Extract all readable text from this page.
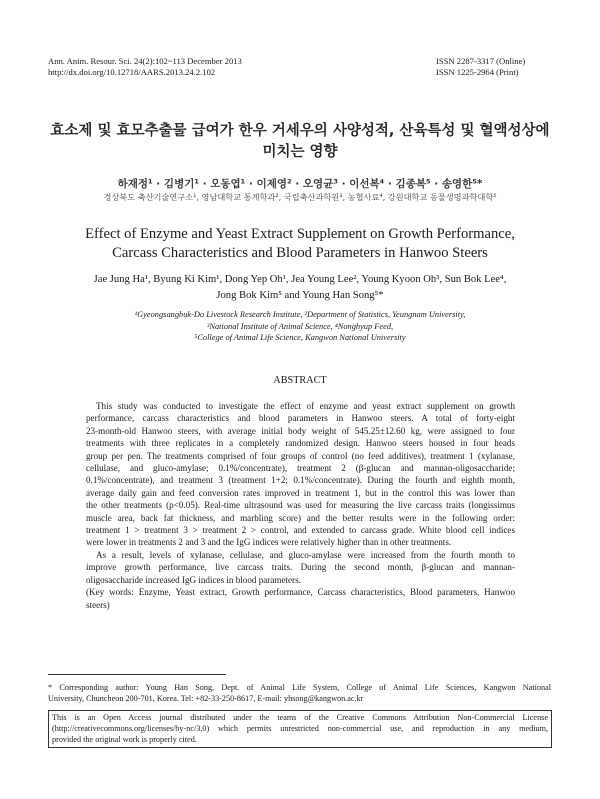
Ann. Anim. Resour. Sci. 24(2):102~113 December 2013
http://dx.doi.org/10.12718/AARS.2013.24.2.102
ISSN 2287-3317 (Online)
ISSN 1225-2964 (Print)
효소제 및 효모추출물 급여가 한우 거세우의 사양성적, 산육특성 및 혈액성상에
미치는 영향
하재정¹ · 김병기¹ · 오동엽¹ · 이제영² · 오영균³ · 이선복⁴ · 김종복⁵ · 송영한⁵*
경상북도 축산기술연구소¹, 영남대학교 통계학과², 국립축산과학원³, 농협사료⁴, 강원대학교 동물생명과학대학⁵
Effect of Enzyme and Yeast Extract Supplement on Growth Performance,
Carcass Characteristics and Blood Parameters in Hanwoo Steers
Jae Jung Ha¹, Byung Ki Kim¹, Dong Yep Oh¹, Jea Young Lee², Young Kyoon Oh³, Sun Bok Lee⁴,
Jong Bok Kim⁵ and Young Han Song⁵*
¹Gyeongsangbuk-Do Livestock Research Institute, ²Department of Statistics, Yeungnam University,
³National Institute of Animal Science, ⁴Nonghyup Feed,
⁵College of Animal Life Science, Kangwon National University
ABSTRACT
This study was conducted to investigate the effect of enzyme and yeast extract supplement on growth
performance, carcass characteristics and blood parameters in Hanwoo steers. A total of forty-eight
23-month-old Hanwoo steers, with average initial body weight of 545.25±12.60 kg, were assigned to four
treatments with three replicates in a completely randomized design. Hanwoo steers housed in four heads
group per pen. The treatments comprised of four groups of control (no feed additives), treatment 1 (xylanase,
cellulase, and gluco-amylase; 0.1%/concentrate), treatment 2 (β-glucan and mannan-oligosaccharide;
0.1%/concentrate), and treatment 3 (treatment 1+2; 0.1%/concentrate). During the fourth and eighth month,
average daily gain and feed conversion rates improved in treatment 1, but in the control this was lower than
the other treatments (p<0.05). Real-time ultrasound was used for measuring the live carcass traits (longissimus
muscle area, back fat thickness, and marbling score) and the better results were in the following order:
treatment 1 > treatment 3 > treatment 2 > control, and extended to carcass grade. White blood cell indices
were lower in treatments 2 and 3 and the IgG indices were relatively higher than in other treatments.
As a result, levels of xylanase, cellulase, and gluco-amylase were increased from the fourth month to
improve growth performance, live carcass traits. During the second month, β-glucan and mannan-
oligosaccharide increased IgG indices in blood parameters.
(Key words: Enzyme, Yeast extract, Growth performance, Carcass characteristics, Blood parameters, Hanwoo
steers)
* Corresponding author: Young Han Song, Dept. of Animal Life System, College of Animal Life Sciences, Kangwon National
University, Chuncheon 200-701, Korea. Tel: +82-33-250-8617, E-mail: yhsong@kangwon.ac.kr
This is an Open Access journal distributed under the teams of the Creative Commons Attribution Non-Commercial License
(http://creativecommons.org/licenses/by-nc/3.0) which permits unrestricted non-commercial use, and reproduction in any medium,
provided the original work is properly cited.
